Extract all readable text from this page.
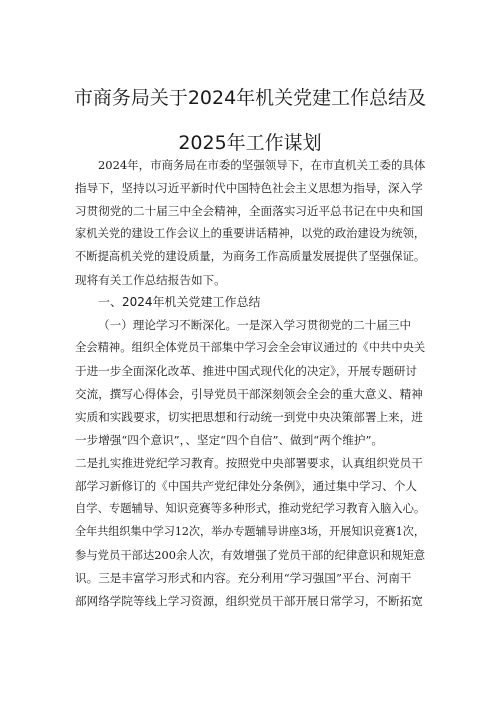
市商务局关于2024年机关党建工作总结及
2025年工作谋划
2024年，市商务局在市委的坚强领导下，在市直机关工委的具体
指导下，坚持以习近平新时代中国特色社会主义思想为指导，深入学
习贯彻党的二十届三中全会精神，全面落实习近平总书记在中央和国
家机关党的建设工作会议上的重要讲话精神，以党的政治建设为统领，
不断提高机关党的建设质量，为商务工作高质量发展提供了坚强保证。
现将有关工作总结报告如下。
一、2024年机关党建工作总结
（一）理论学习不断深化。一是深入学习贯彻党的二十届三中
全会精神。组织全体党员干部集中学习会全会审议通过的《中共中央关
于进一步全面深化改革、推进中国式现代化的决定》，开展专题研讨
交流，撰写心得体会，引导党员干部深刻领会全会的重大意义、精神
实质和实践要求，切实把思想和行动统一到党中央决策部署上来，进
一步增强“四个意识”，、坚定“四个自信”、做到“两个维护”。
二是扎实推进党纪学习教育。按照党中央部署要求，认真组织党员干
部学习新修订的《中国共产党纪律处分条例》，通过集中学习、个人
自学、专题辅导、知识竞赛等多种形式，推动党纪学习教育入脑入心。
全年共组织集中学习12次，举办专题辅导讲座3场，开展知识竞赛1次，
参与党员干部达200余人次，有效增强了党员干部的纪律意识和规矩意
识。三是丰富学习形式和内容。充分利用“学习强国”平台、河南干
部网络学院等线上学习资源，组织党员干部开展日常学习，不断拓宽
